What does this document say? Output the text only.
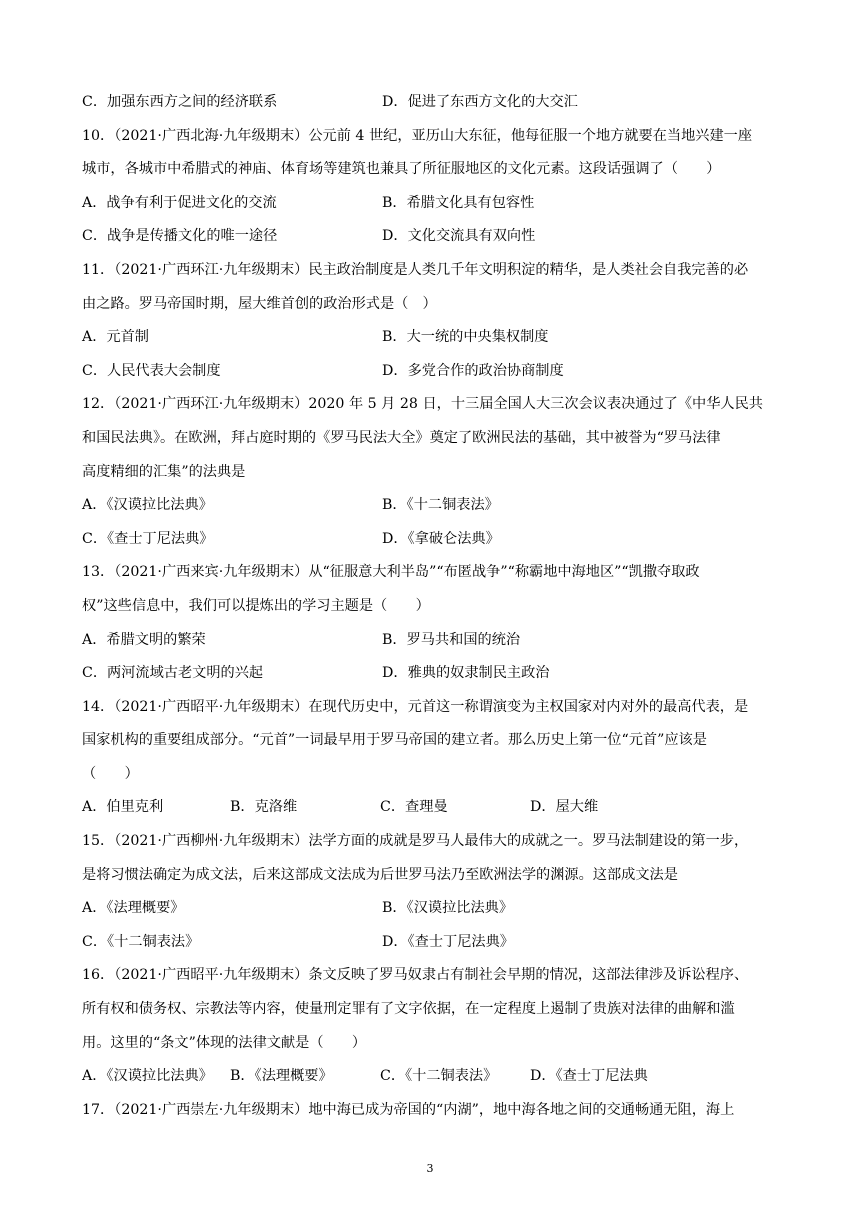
C．加强东西方之间的经济联系	D．促进了东西方文化的大交汇
10．（2021·广西北海·九年级期末）公元前 4 世纪，亚历山大东征，他每征服一个地方就要在当地兴建一座
城市，各城市中希腊式的神庙、体育场等建筑也兼具了所征服地区的文化元素。这段话强调了（　　）
A．战争有利于促进文化的交流	B．希腊文化具有包容性
C．战争是传播文化的唯一途径	D．文化交流具有双向性
11．（2021·广西环江·九年级期末）民主政治制度是人类几千年文明积淀的精华，是人类社会自我完善的必
由之路。罗马帝国时期，屋大维首创的政治形式是（　）
A．元首制	B．大一统的中央集权制度
C．人民代表大会制度	D．多党合作的政治协商制度
12．（2021·广西环江·九年级期末）2020 年 5 月 28 日，十三届全国人大三次会议表决通过了《中华人民共
和国民法典》。在欧洲，拜占庭时期的《罗马民法大全》奠定了欧洲民法的基础，其中被誉为“罗马法律
高度精细的汇集”的法典是
A．《汉谟拉比法典》	B．《十二铜表法》
C．《查士丁尼法典》	D．《拿破仑法典》
13．（2021·广西来宾·九年级期末）从“征服意大利半岛”“布匿战争”“称霸地中海地区”“凯撒夺取政
权”这些信息中，我们可以提炼出的学习主题是（　　）
A．希腊文明的繁荣	B．罗马共和国的统治
C．两河流域古老文明的兴起	D．雅典的奴隶制民主政治
14．（2021·广西昭平·九年级期末）在现代历史中，元首这一称谓演变为主权国家对内对外的最高代表，是
国家机构的重要组成部分。“元首”一词最早用于罗马帝国的建立者。那么历史上第一位“元首”应该是
（　　）
A．伯里克利	B．克洛维	C．查理曼	D．屋大维
15．（2021·广西柳州·九年级期末）法学方面的成就是罗马人最伟大的成就之一。罗马法制建设的第一步，
是将习惯法确定为成文法，后来这部成文法成为后世罗马法乃至欧洲法学的渊源。这部成文法是
A．《法理概要》	B．《汉谟拉比法典》
C．《十二铜表法》	D．《查士丁尼法典》
16．（2021·广西昭平·九年级期末）条文反映了罗马奴隶占有制社会早期的情况，这部法律涉及诉讼程序、
所有权和债务权、宗教法等内容，使量刑定罪有了文字依据，在一定程度上遏制了贵族对法律的曲解和滥
用。这里的“条文”体现的法律文献是（　　）
A．《汉谟拉比法典》	B．《法理概要》	C．《十二铜表法》	D．《查士丁尼法典
17．（2021·广西崇左·九年级期末）地中海已成为帝国的“内湖”，地中海各地之间的交通畅通无阻，海上
3
